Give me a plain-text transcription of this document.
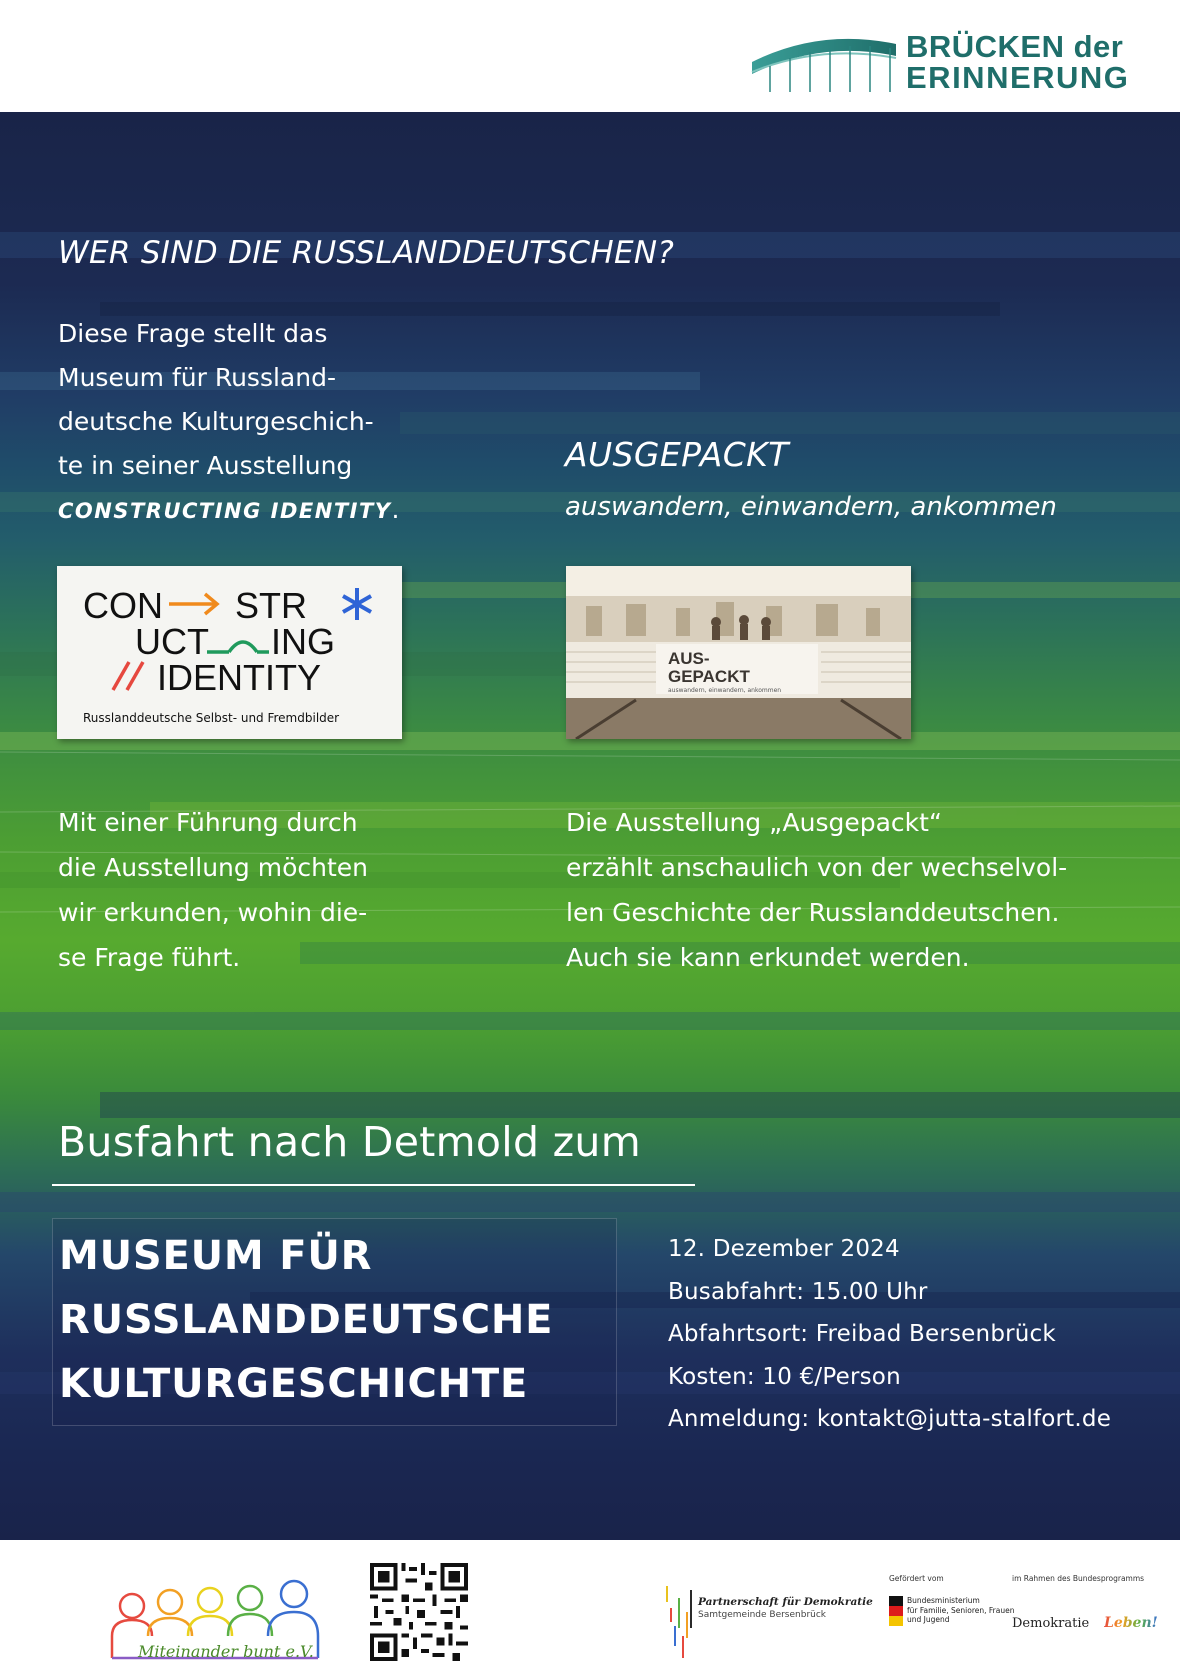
BRÜCKEN der
ERINNERUNG
WER SIND DIE RUSSLANDDEUTSCHEN?
Diese Frage stellt das
Museum für Russland-
deutsche Kulturgeschich-
te in seiner Ausstellung
CONSTRUCTING IDENTITY.
CON STR
UCT ING
IDENTITY
Russlanddeutsche Selbst- und Fremdbilder
Mit einer Führung durch
die Ausstellung möchten
wir erkunden, wohin die-
se Frage führt.
AUSGEPACKT
auswandern, einwandern, ankommen
AUS-
GEPACKT
auswandern, einwandern, ankommen
Die Ausstellung „Ausgepackt“
erzählt anschaulich von der wechselvol-
len Geschichte der Russlanddeutschen.
Auch sie kann erkundet werden.
Busfahrt nach Detmold zum
MUSEUM FÜR
RUSSLANDDEUTSCHE
KULTURGESCHICHTE
12. Dezember 2024
Busabfahrt: 15.00 Uhr
Abfahrtsort: Freibad Bersenbrück
Kosten: 10 €/Person
Anmeldung: kontakt@jutta-stalfort.de
Miteinander bunt e.V.
Partnerschaft für Demokratie
Samtgemeinde Bersenbrück
Gefördert vom
Bundesministerium
für Familie, Senioren, Frauen
und Jugend
im Rahmen des Bundesprogramms
Demokratie Leben!
